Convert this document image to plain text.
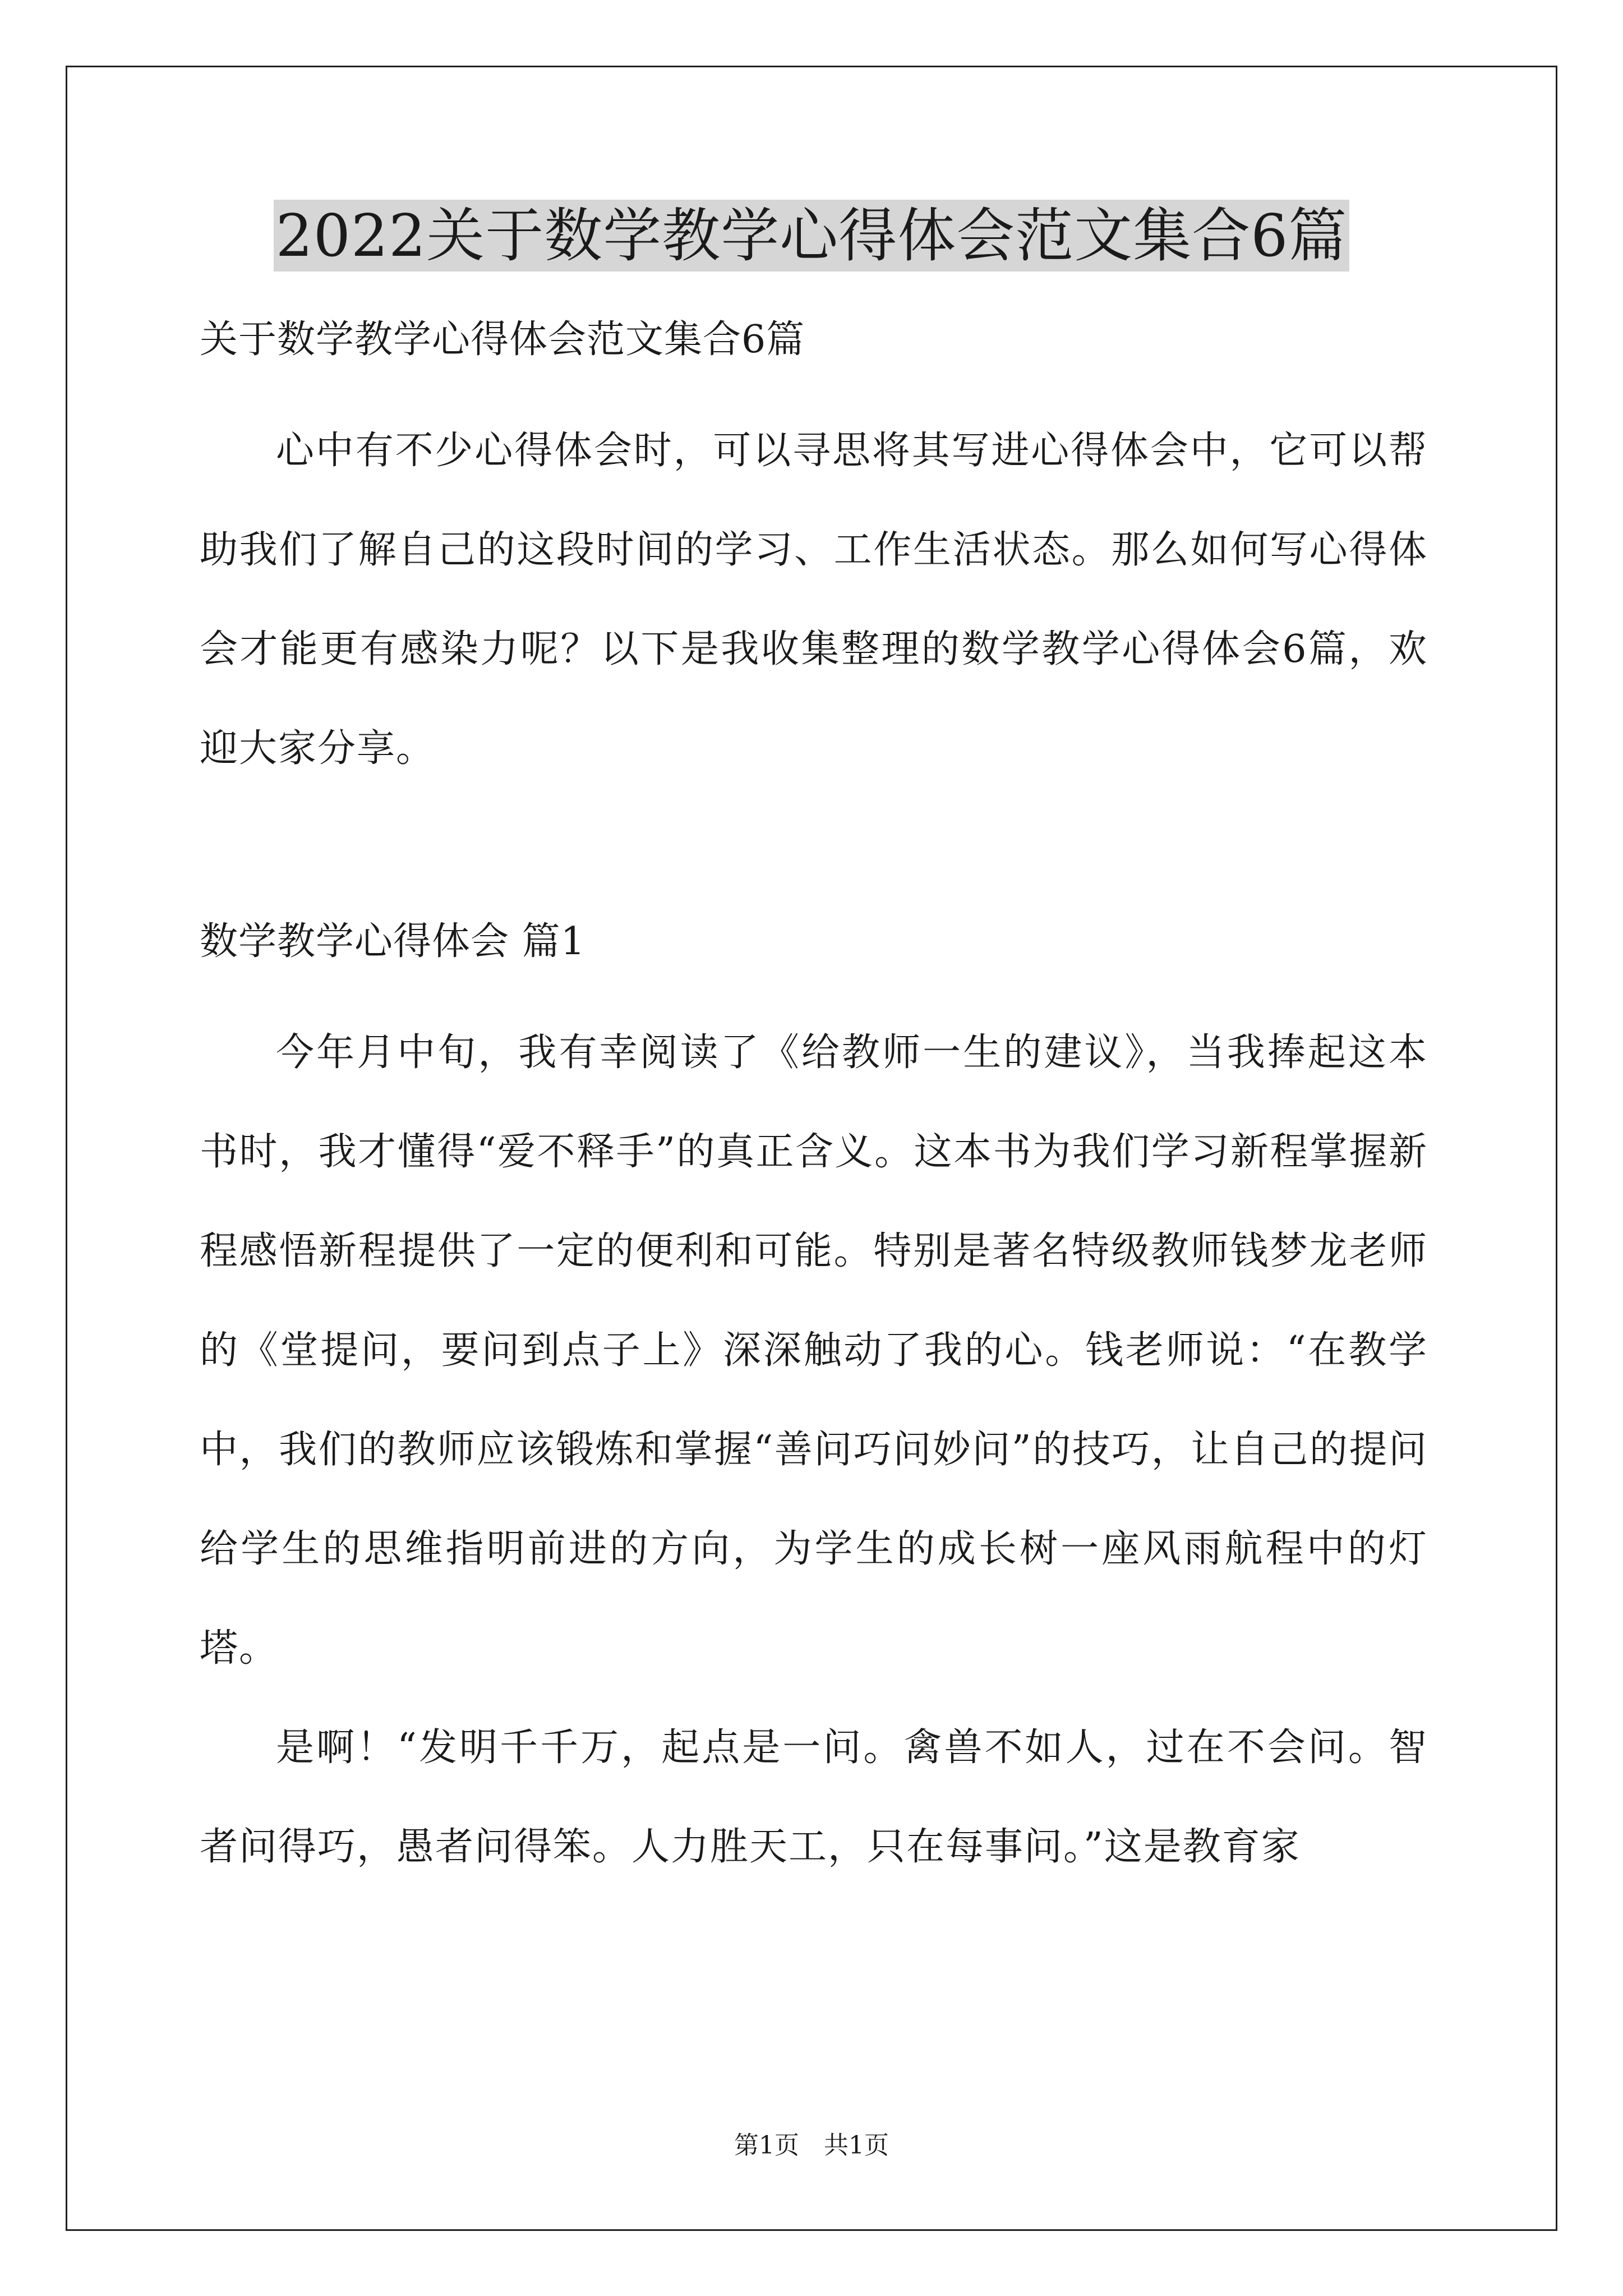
2022关于数学教学心得体会范文集合6篇

关于数学教学心得体会范文集合6篇

心中有不少心得体会时，可以寻思将其写进心得体会中，它可以帮助我们了解自己的这段时间的学习、工作生活状态。那么如何写心得体会才能更有感染力呢？以下是我收集整理的数学教学心得体会6篇，欢迎大家分享。

数学教学心得体会 篇1

今年月中旬，我有幸阅读了《给教师一生的建议》，当我捧起这本书时，我才懂得“爱不释手”的真正含义。这本书为我们学习新程掌握新程感悟新程提供了一定的便利和可能。特别是著名特级教师钱梦龙老师的《堂提问，要问到点子上》深深触动了我的心。钱老师说：“在教学中，我们的教师应该锻炼和掌握“善问巧问妙问”的技巧，让自己的提问给学生的思维指明前进的方向，为学生的成长树一座风雨航程中的灯塔。

是啊！“发明千千万，起点是一问。禽兽不如人，过在不会问。智者问得巧，愚者问得笨。人力胜天工，只在每事问。”这是教育家

第1页　共1页
